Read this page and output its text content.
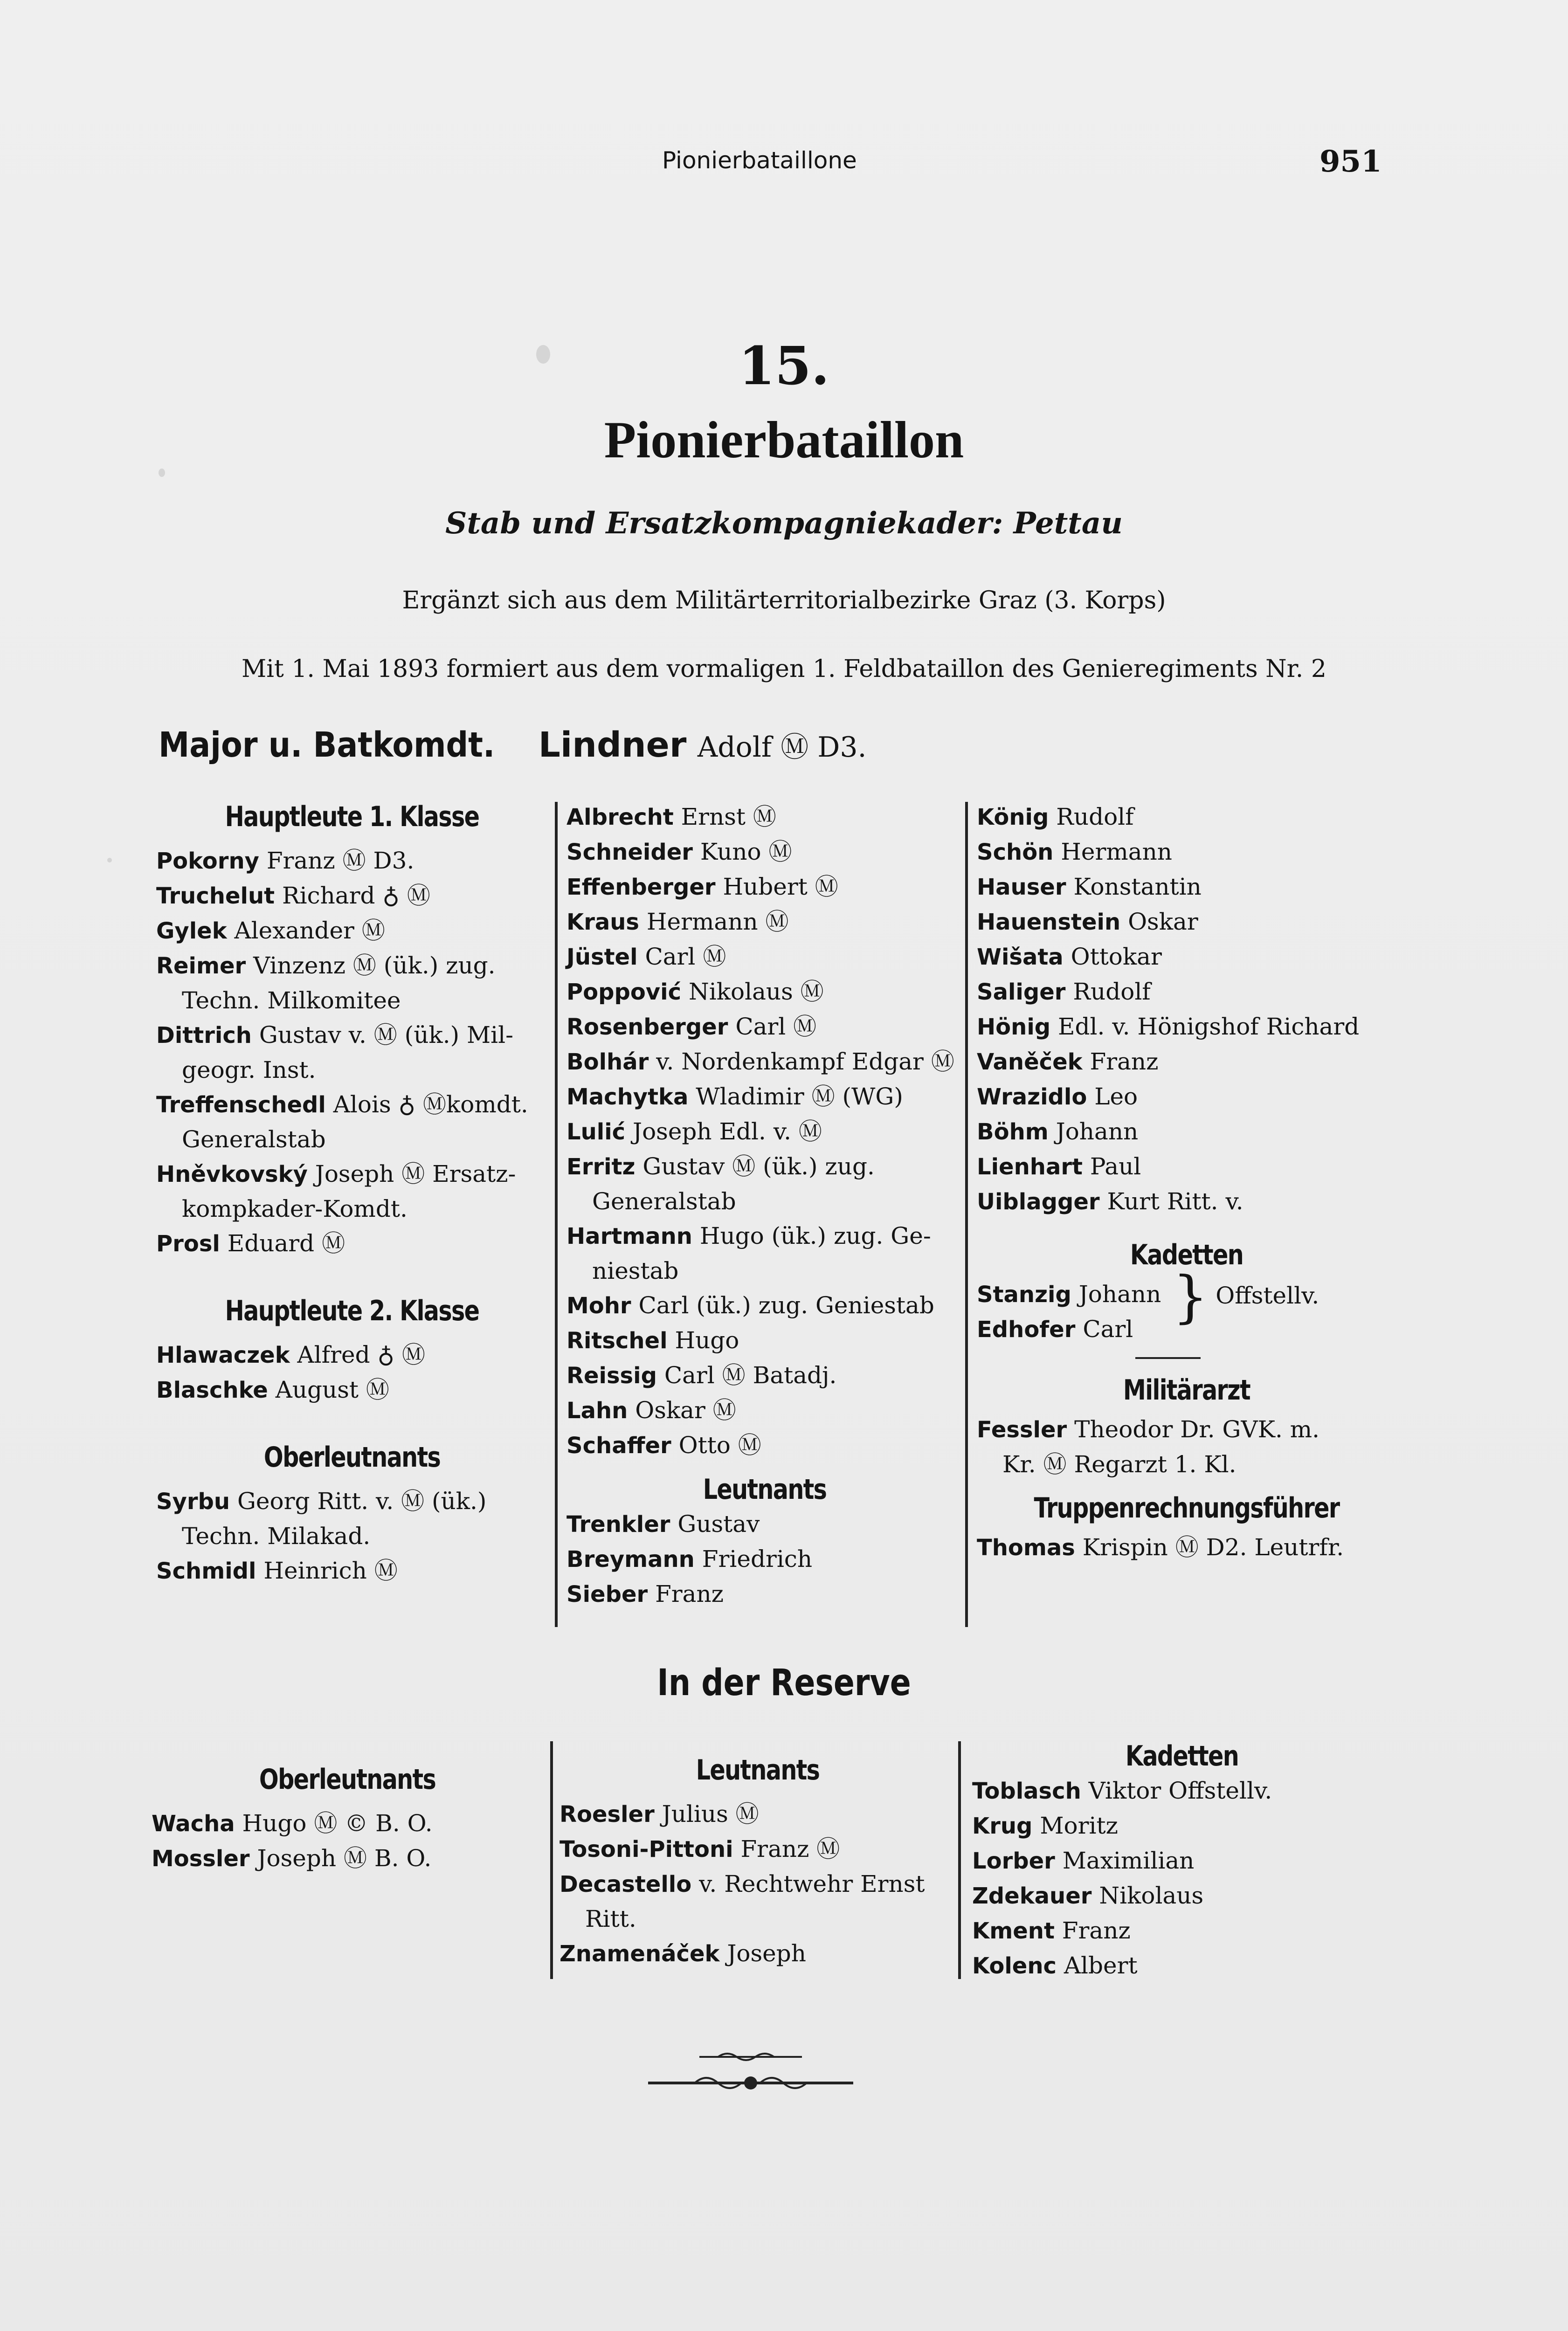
Pionierbataillone	951
15.
Pionierbataillon
Stab und Ersatzkompagniekader: Pettau
Ergänzt sich aus dem Militärterritorialbezirke Graz (3. Korps)
Mit 1. Mai 1893 formiert aus dem vormaligen 1. Feldbataillon des Genieregiments Nr. 2
Major u. Batkomdt. Lindner Adolf Ⓜ D3.
Hauptleute 1. Klasse
Pokorny Franz Ⓜ D3.
Truchelut Richard ♁ Ⓜ
Gylek Alexander Ⓜ
Reimer Vinzenz Ⓜ (ük.) zug.
Techn. Milkomitee
Dittrich Gustav v. Ⓜ (ük.) Mil-
geogr. Inst.
Treffenschedl Alois ♁ Ⓜkomdt.
Generalstab
Hněvkovský Joseph Ⓜ Ersatz-
kompkader-Komdt.
Prosl Eduard Ⓜ
Hauptleute 2. Klasse
Hlawaczek Alfred ♁ Ⓜ
Blaschke August Ⓜ
Oberleutnants
Syrbu Georg Ritt. v. Ⓜ (ük.)
Techn. Milakad.
Schmidl Heinrich Ⓜ
Albrecht Ernst Ⓜ
Schneider Kuno Ⓜ
Effenberger Hubert Ⓜ
Kraus Hermann Ⓜ
Jüstel Carl Ⓜ
Poppović Nikolaus Ⓜ
Rosenberger Carl Ⓜ
Bolhár v. Nordenkampf Edgar Ⓜ
Machytka Wladimir Ⓜ (WG)
Lulić Joseph Edl. v. Ⓜ
Erritz Gustav Ⓜ (ük.) zug.
Generalstab
Hartmann Hugo (ük.) zug. Ge-
niestab
Mohr Carl (ük.) zug. Geniestab
Ritschel Hugo
Reissig Carl Ⓜ Batadj.
Lahn Oskar Ⓜ
Schaffer Otto Ⓜ
Leutnants
Trenkler Gustav
Breymann Friedrich
Sieber Franz
König Rudolf
Schön Hermann
Hauser Konstantin
Hauenstein Oskar
Wišata Ottokar
Saliger Rudolf
Hönig Edl. v. Hönigshof Richard
Vaněček Franz
Wrazidlo Leo
Böhm Johann
Lienhart Paul
Uiblagger Kurt Ritt. v.
Kadetten
Stanzig Johann
Edhofer Carl } Offstellv.
Militärarzt
Fessler Theodor Dr. GVK. m.
Kr. Ⓜ Regarzt 1. Kl.
Truppenrechnungsführer
Thomas Krispin Ⓜ D2. Leutrfr.
In der Reserve
Oberleutnants
Wacha Hugo Ⓜ © B. O.
Mossler Joseph Ⓜ B. O.
Leutnants
Roesler Julius Ⓜ
Tosoni-Pittoni Franz Ⓜ
Decastello v. Rechtwehr Ernst
Ritt.
Znamenáček Joseph
Kadetten
Toblasch Viktor Offstellv.
Krug Moritz
Lorber Maximilian
Zdekauer Nikolaus
Kment Franz
Kolenc Albert
